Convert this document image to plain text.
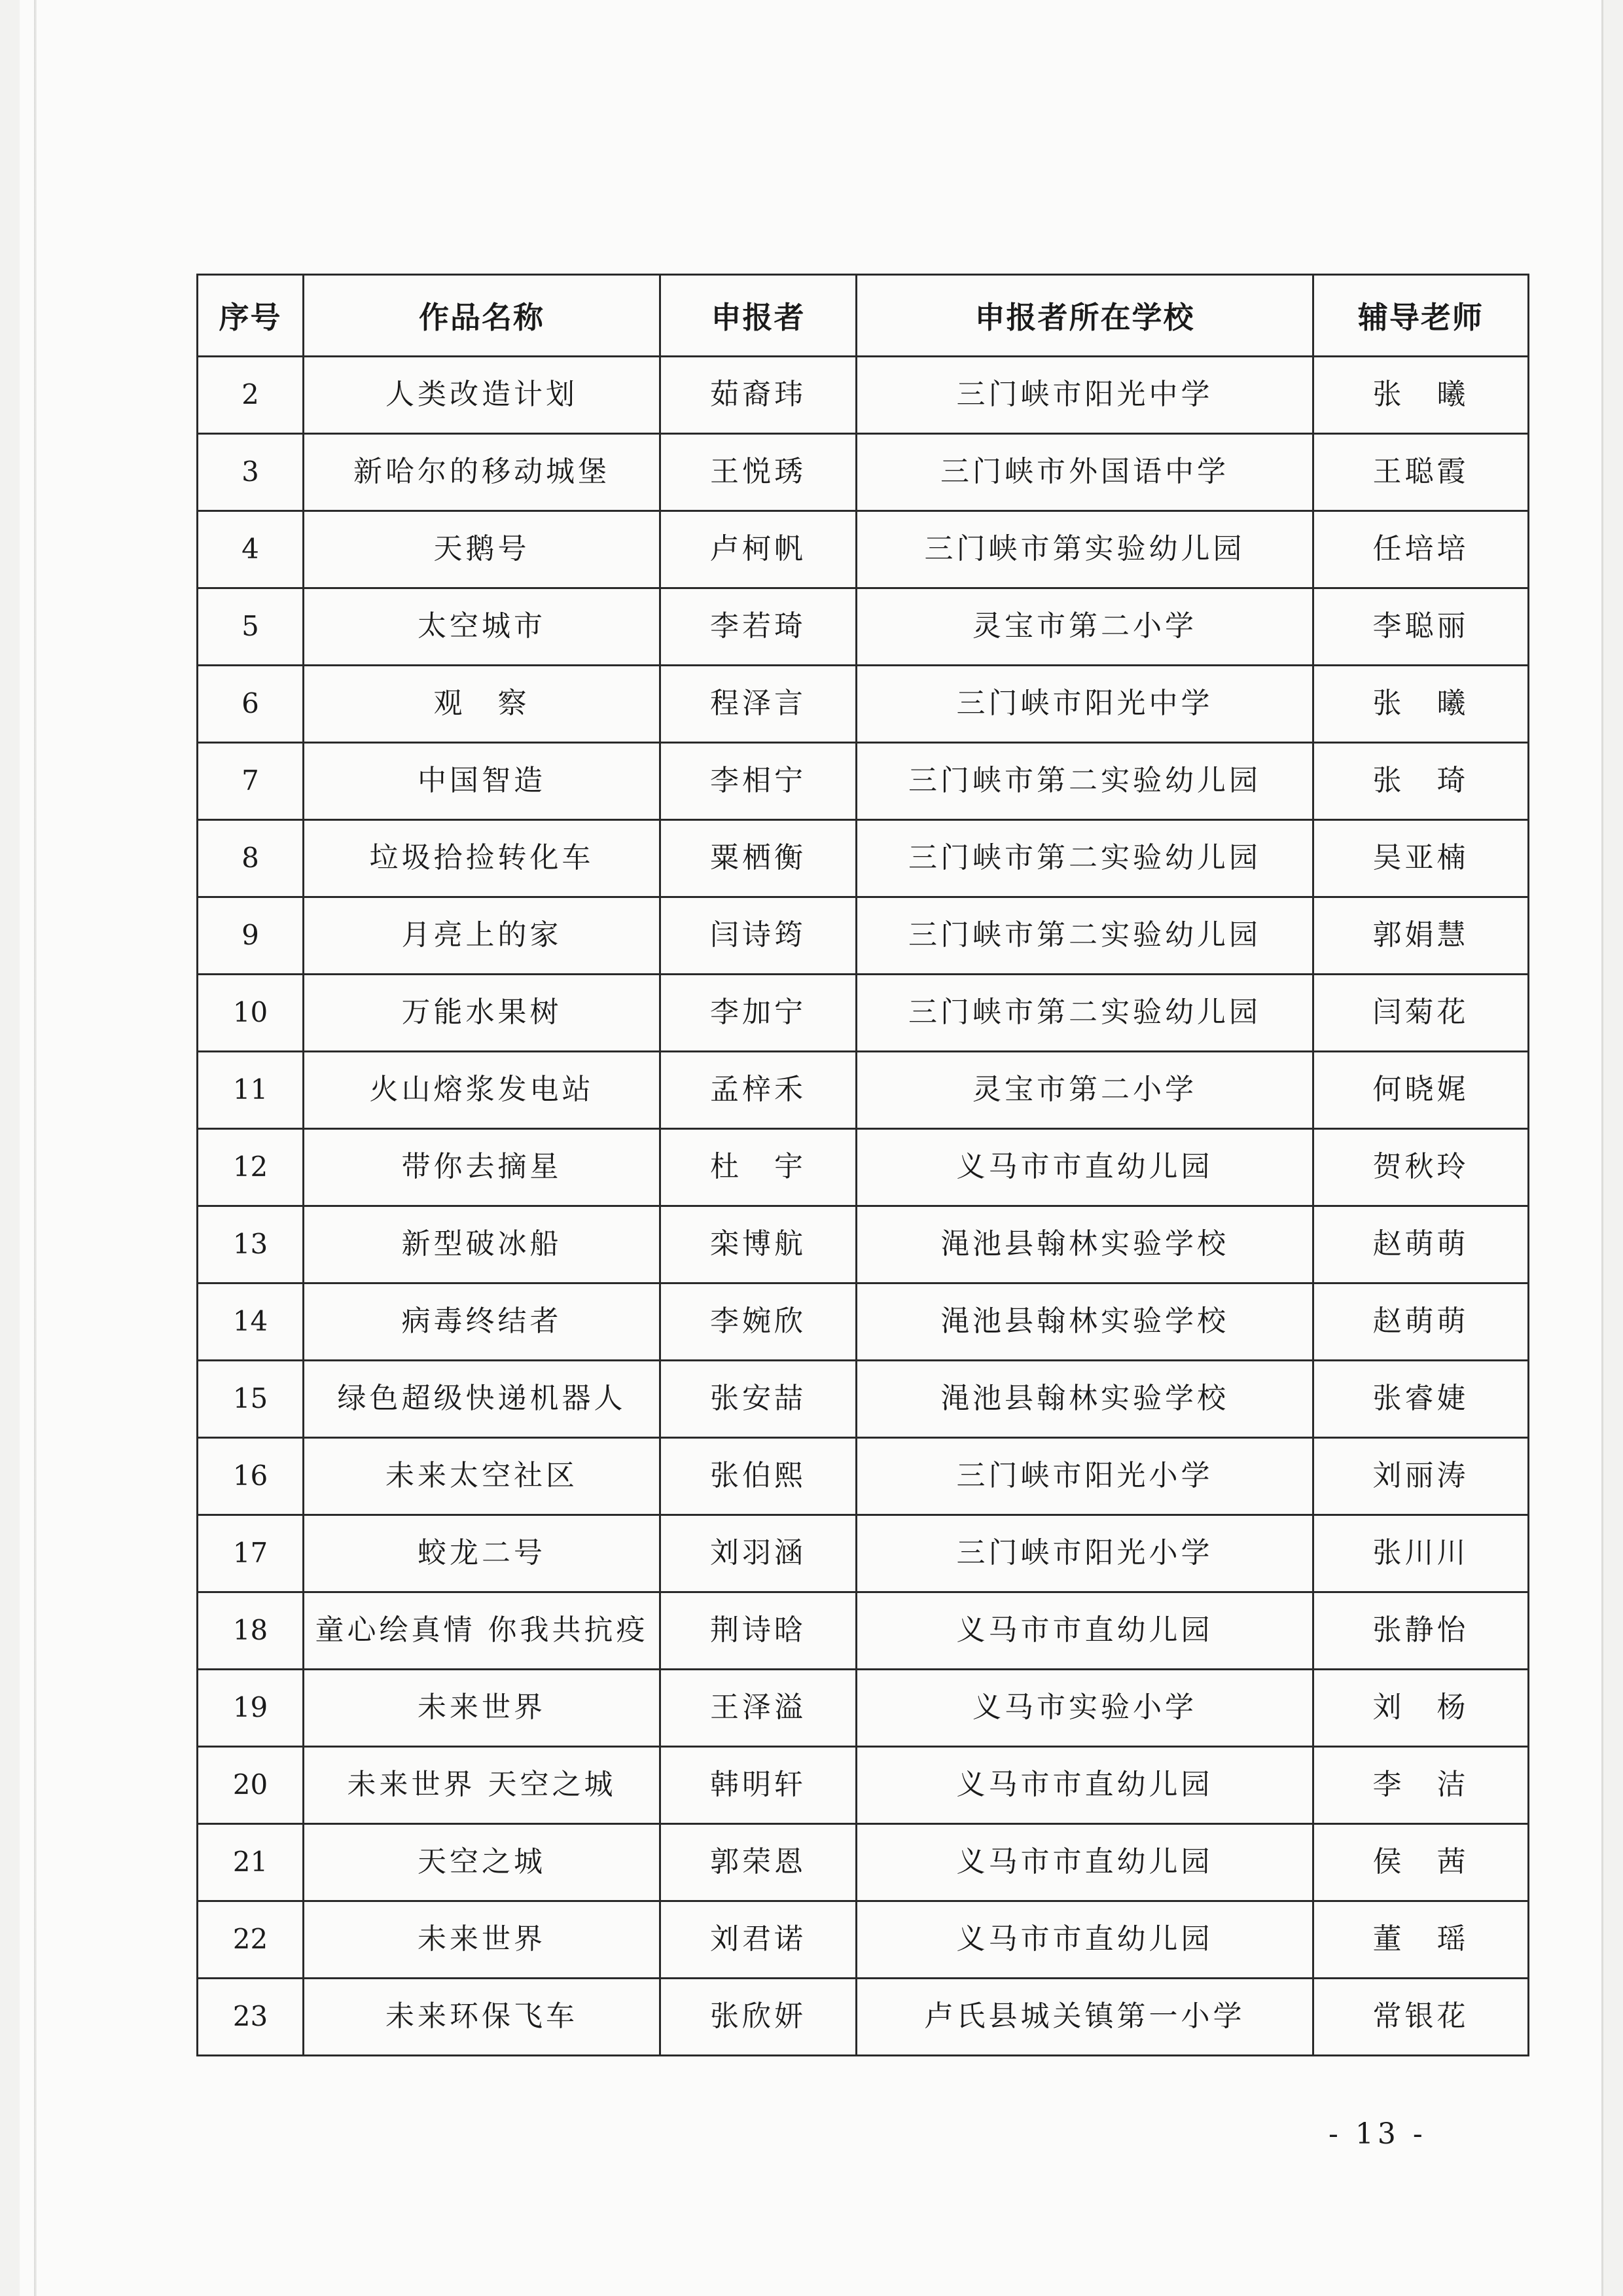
序号	作品名称	申报者	申报者所在学校	辅导老师
2	人类改造计划	茹裔玮	三门峡市阳光中学	张　曦
3	新哈尔的移动城堡	王悦琇	三门峡市外国语中学	王聪霞
4	天鹅号	卢柯帆	三门峡市第实验幼儿园	任培培
5	太空城市	李若琦	灵宝市第二小学	李聪丽
6	观　察	程泽言	三门峡市阳光中学	张　曦
7	中国智造	李相宁	三门峡市第二实验幼儿园	张　琦
8	垃圾拾捡转化车	粟栖衡	三门峡市第二实验幼儿园	吴亚楠
9	月亮上的家	闫诗筠	三门峡市第二实验幼儿园	郭娟慧
10	万能水果树	李加宁	三门峡市第二实验幼儿园	闫菊花
11	火山熔浆发电站	孟梓禾	灵宝市第二小学	何晓娓
12	带你去摘星	杜　宇	义马市市直幼儿园	贺秋玲
13	新型破冰船	栾博航	渑池县翰林实验学校	赵萌萌
14	病毒终结者	李婉欣	渑池县翰林实验学校	赵萌萌
15	绿色超级快递机器人	张安喆	渑池县翰林实验学校	张睿婕
16	未来太空社区	张伯熙	三门峡市阳光小学	刘丽涛
17	蛟龙二号	刘羽涵	三门峡市阳光小学	张川川
18	童心绘真情 你我共抗疫	荆诗晗	义马市市直幼儿园	张静怡
19	未来世界	王泽溢	义马市实验小学	刘　杨
20	未来世界 天空之城	韩明轩	义马市市直幼儿园	李　洁
21	天空之城	郭荣恩	义马市市直幼儿园	侯　茜
22	未来世界	刘君诺	义马市市直幼儿园	董　瑶
23	未来环保飞车	张欣妍	卢氏县城关镇第一小学	常银花
- 13 -
